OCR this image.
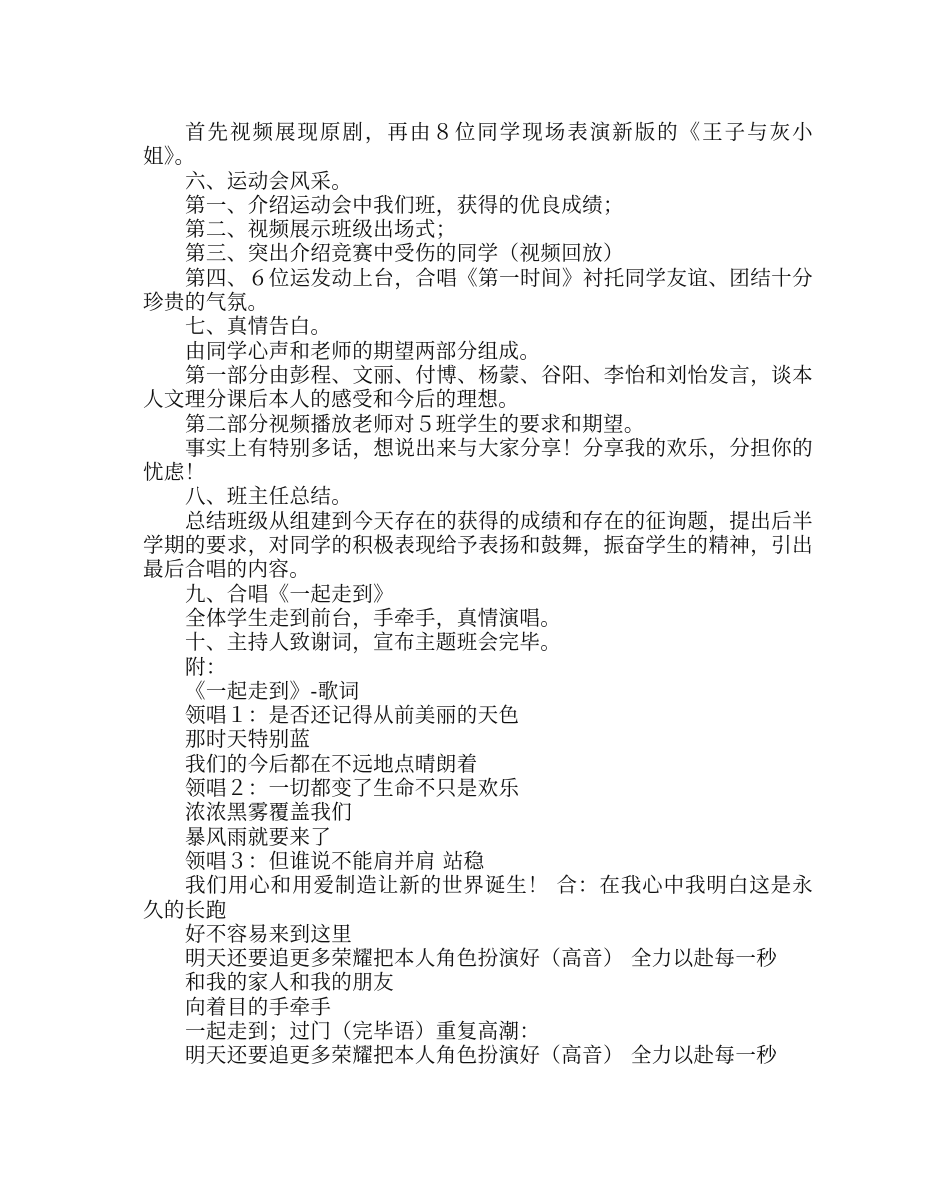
首先视频展现原剧，再由８位同学现场表演新版的《王子与灰小姐》。

六、运动会风采。

第一、介绍运动会中我们班，获得的优良成绩；

第二、视频展示班级出场式；

第三、突出介绍竞赛中受伤的同学（视频回放）

第四、６位运发动上台，合唱《第一时间》衬托同学友谊、团结十分珍贵的气氛。

七、真情告白。

由同学心声和老师的期望两部分组成。

第一部分由彭程、文丽、付博、杨蒙、谷阳、李怡和刘怡发言，谈本人文理分课后本人的感受和今后的理想。

第二部分视频播放老师对５班学生的要求和期望。

事实上有特别多话，想说出来与大家分享！分享我的欢乐，分担你的忧虑！

八、班主任总结。

总结班级从组建到今天存在的获得的成绩和存在的征询题，提出后半学期的要求，对同学的积极表现给予表扬和鼓舞，振奋学生的精神，引出最后合唱的内容。

九、合唱《一起走到》

全体学生走到前台，手牵手，真情演唱。

十、主持人致谢词，宣布主题班会完毕。

附：

《一起走到》-歌词

领唱１：是否还记得从前美丽的天色

那时天特别蓝

我们的今后都在不远地点晴朗着

领唱２：一切都变了生命不只是欢乐

浓浓黑雾覆盖我们

暴风雨就要来了

领唱３：但谁说不能肩并肩 站稳

我们用心和用爱制造让新的世界诞生！ 合：在我心中我明白这是永久的长跑

好不容易来到这里

明天还要追更多荣耀把本人角色扮演好（高音） 全力以赴每一秒

和我的家人和我的朋友

向着目的手牵手

一起走到；过门（完毕语）重复高潮：

明天还要追更多荣耀把本人角色扮演好（高音） 全力以赴每一秒
